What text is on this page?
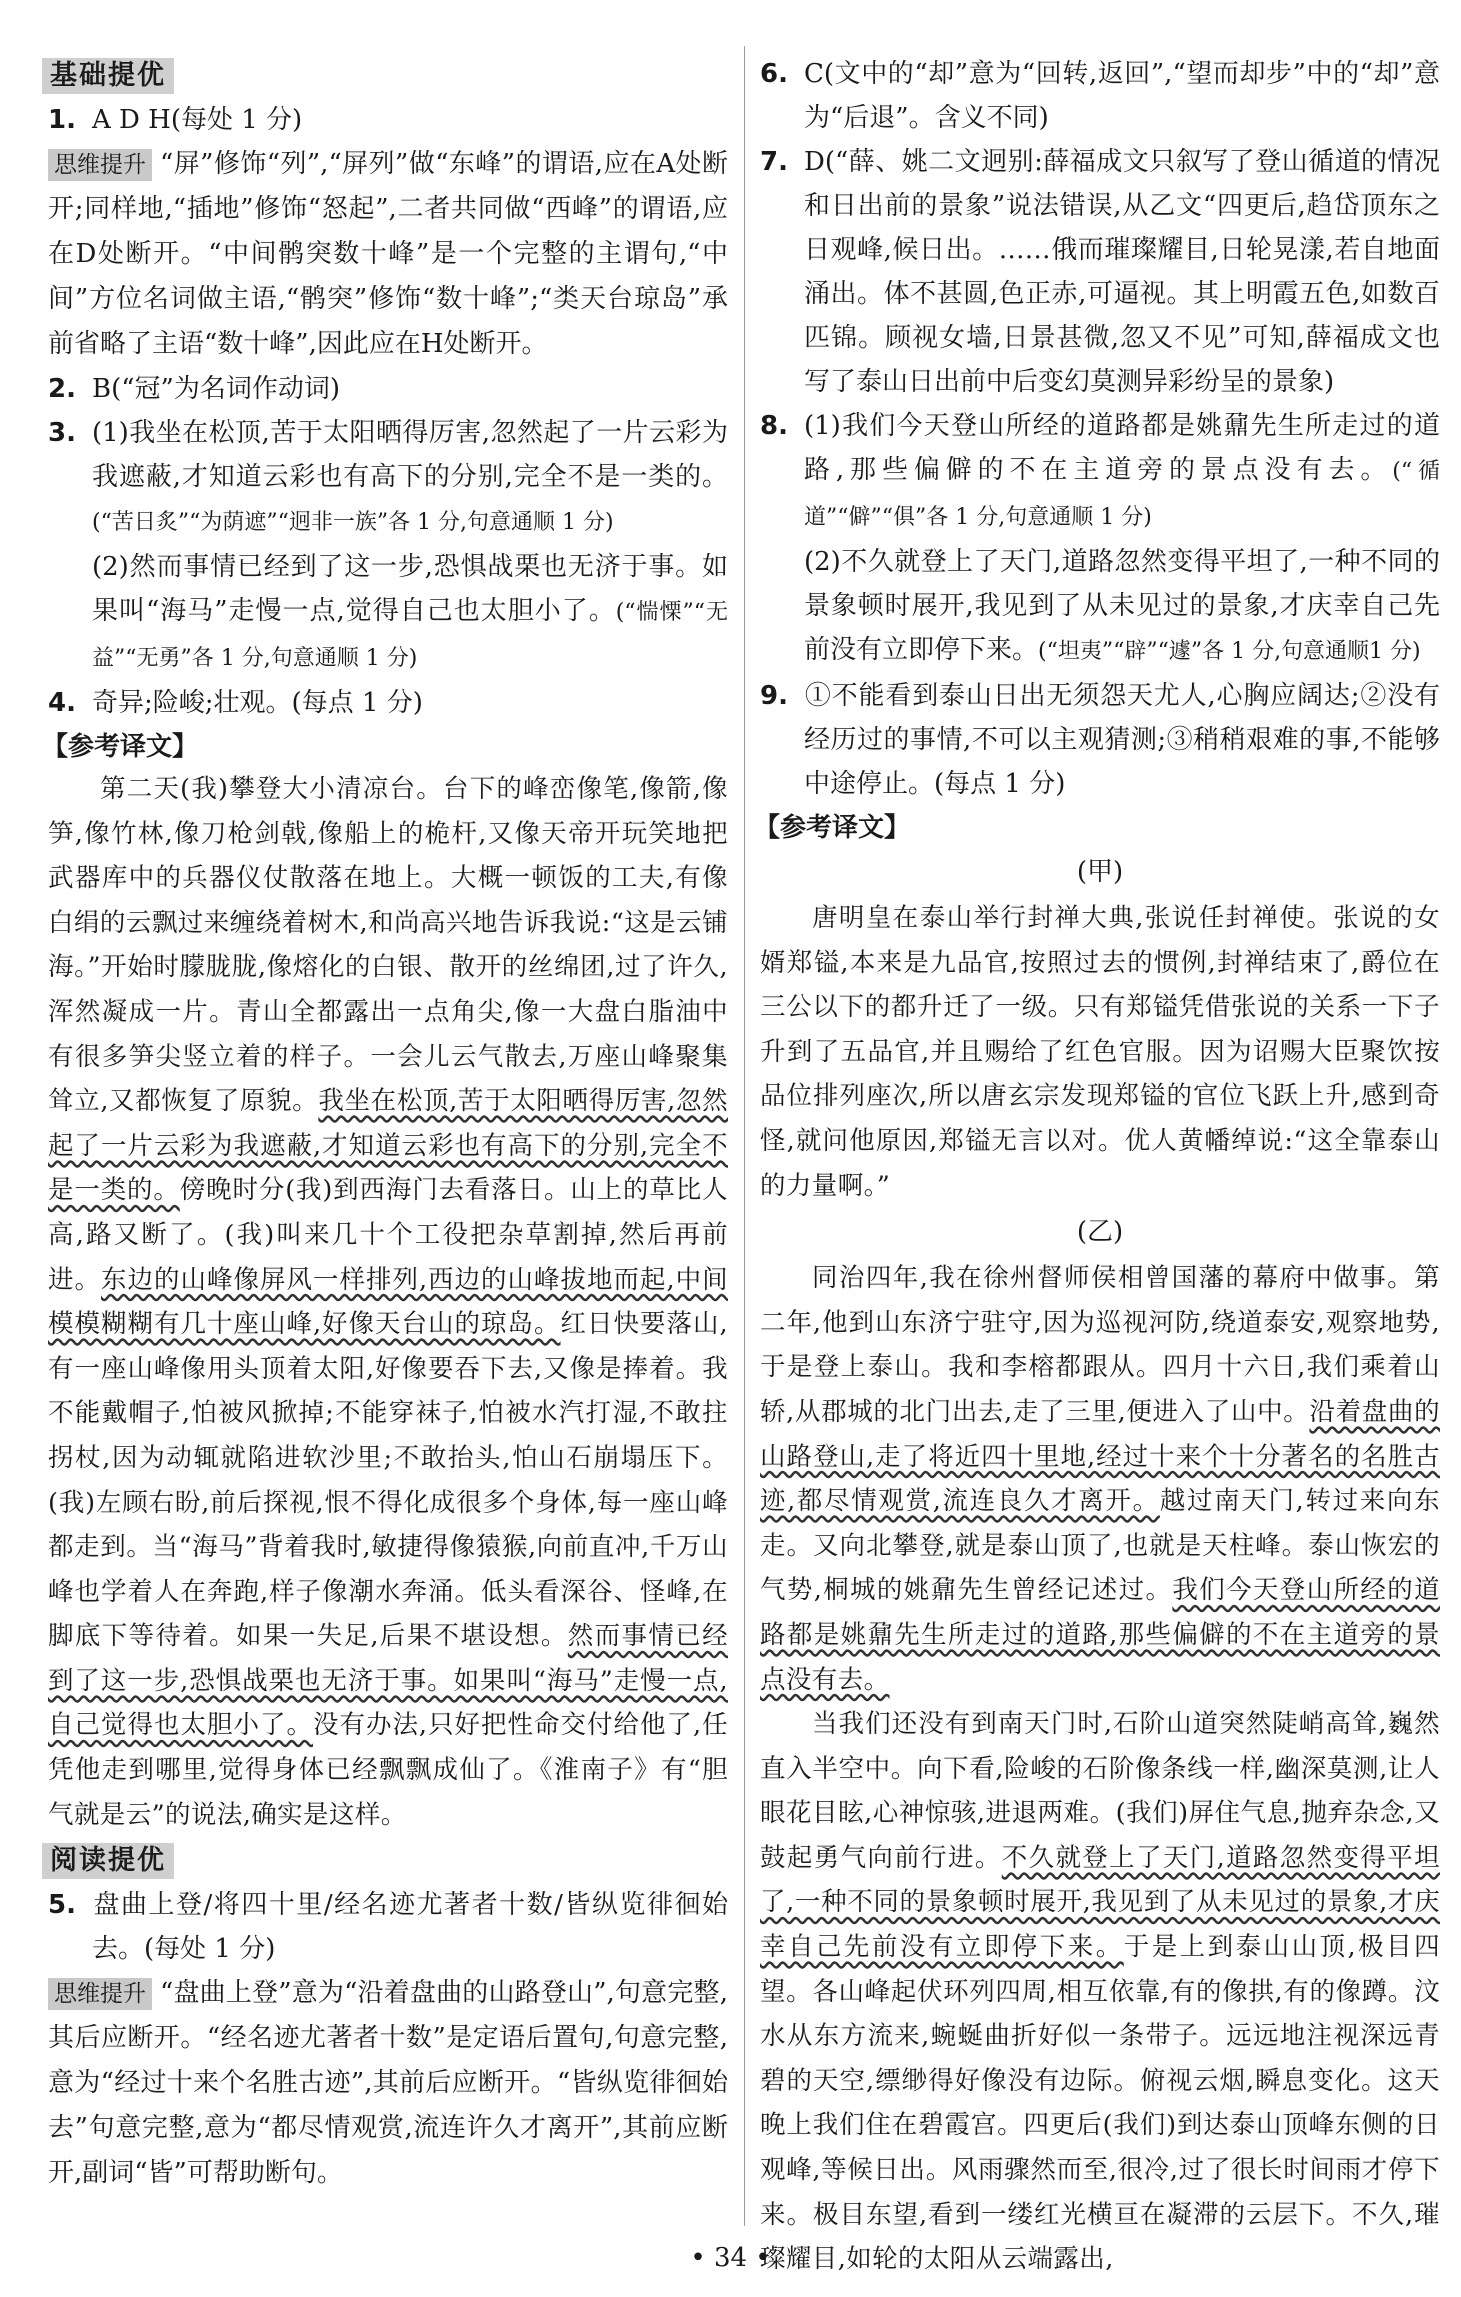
基础提优

1. A D H(每处 1 分)

思维提升 “屏”修饰“列”,“屏列”做“东峰”的谓语,应在A处断开;同样地,“插地”修饰“怒起”,二者共同做“西峰”的谓语,应在D处断开。“中间鹘突数十峰”是一个完整的主谓句,“中间”方位名词做主语,“鹘突”修饰“数十峰”;“类天台琼岛”承前省略了主语“数十峰”,因此应在H处断开。

2. B(“冠”为名词作动词)

3. (1)我坐在松顶,苦于太阳晒得厉害,忽然起了一片云彩为我遮蔽,才知道云彩也有高下的分别,完全不是一类的。(“苦日炙”“为荫遮”“迥非一族”各 1 分,句意通顺 1 分)

(2)然而事情已经到了这一步,恐惧战栗也无济于事。如果叫“海马”走慢一点,觉得自己也太胆小了。(“惴慄”“无益”“无勇”各 1 分,句意通顺 1 分)

4. 奇异;险峻;壮观。(每点 1 分)

【参考译文】

第二天(我)攀登大小清凉台。台下的峰峦像笔,像箭,像笋,像竹林,像刀枪剑戟,像船上的桅杆,又像天帝开玩笑地把武器库中的兵器仪仗散落在地上。大概一顿饭的工夫,有像白绢的云飘过来缠绕着树木,和尚高兴地告诉我说:“这是云铺海。”开始时朦胧胧,像熔化的白银、散开的丝绵团,过了许久,浑然凝成一片。青山全都露出一点角尖,像一大盘白脂油中有很多笋尖竖立着的样子。一会儿云气散去,万座山峰聚集耸立,又都恢复了原貌。我坐在松顶,苦于太阳晒得厉害,忽然起了一片云彩为我遮蔽,才知道云彩也有高下的分别,完全不是一类的。傍晚时分(我)到西海门去看落日。山上的草比人高,路又断了。(我)叫来几十个工役把杂草割掉,然后再前进。东边的山峰像屏风一样排列,西边的山峰拔地而起,中间模模糊糊有几十座山峰,好像天台山的琼岛。红日快要落山,有一座山峰像用头顶着太阳,好像要吞下去,又像是捧着。我不能戴帽子,怕被风掀掉;不能穿袜子,怕被水汽打湿,不敢拄拐杖,因为动辄就陷进软沙里;不敢抬头,怕山石崩塌压下。(我)左顾右盼,前后探视,恨不得化成很多个身体,每一座山峰都走到。当“海马”背着我时,敏捷得像猿猴,向前直冲,千万山峰也学着人在奔跑,样子像潮水奔涌。低头看深谷、怪峰,在脚底下等待着。如果一失足,后果不堪设想。然而事情已经到了这一步,恐惧战栗也无济于事。如果叫“海马”走慢一点,自己觉得也太胆小了。没有办法,只好把性命交付给他了,任凭他走到哪里,觉得身体已经飘飘成仙了。《淮南子》有“胆气就是云”的说法,确实是这样。

阅读提优

5. 盘曲上登/将四十里/经名迹尤著者十数/皆纵览徘徊始去。(每处 1 分)

思维提升 “盘曲上登”意为“沿着盘曲的山路登山”,句意完整,其后应断开。“经名迹尤著者十数”是定语后置句,句意完整,意为“经过十来个名胜古迹”,其前后应断开。“皆纵览徘徊始去”句意完整,意为“都尽情观赏,流连许久才离开”,其前应断开,副词“皆”可帮助断句。

6. C(文中的“却”意为“回转,返回”,“望而却步”中的“却”意为“后退”。含义不同)

7. D(“薛、姚二文迥别:薛福成文只叙写了登山循道的情况和日出前的景象”说法错误,从乙文“四更后,趋岱顶东之日观峰,候日出。……俄而璀璨耀目,日轮晃漾,若自地面涌出。体不甚圆,色正赤,可逼视。其上明霞五色,如数百匹锦。顾视女墙,日景甚微,忽又不见”可知,薛福成文也写了泰山日出前中后变幻莫测异彩纷呈的景象)

8. (1)我们今天登山所经的道路都是姚鼐先生所走过的道路,那些偏僻的不在主道旁的景点没有去。(“循道”“僻”“俱”各 1 分,句意通顺 1 分)

(2)不久就登上了天门,道路忽然变得平坦了,一种不同的景象顿时展开,我见到了从未见过的景象,才庆幸自己先前没有立即停下来。(“坦夷”“辟”“遽”各 1 分,句意通顺1 分)

9. ①不能看到泰山日出无须怨天尤人,心胸应阔达;②没有经历过的事情,不可以主观猜测;③稍稍艰难的事,不能够中途停止。(每点 1 分)

【参考译文】
(甲)

唐明皇在泰山举行封禅大典,张说任封禅使。张说的女婿郑镒,本来是九品官,按照过去的惯例,封禅结束了,爵位在三公以下的都升迁了一级。只有郑镒凭借张说的关系一下子升到了五品官,并且赐给了红色官服。因为诏赐大臣聚饮按品位排列座次,所以唐玄宗发现郑镒的官位飞跃上升,感到奇怪,就问他原因,郑镒无言以对。优人黄幡绰说:“这全靠泰山的力量啊。”

(乙)

同治四年,我在徐州督师侯相曾国藩的幕府中做事。第二年,他到山东济宁驻守,因为巡视河防,绕道泰安,观察地势,于是登上泰山。我和李榕都跟从。四月十六日,我们乘着山轿,从郡城的北门出去,走了三里,便进入了山中。沿着盘曲的山路登山,走了将近四十里地,经过十来个十分著名的名胜古迹,都尽情观赏,流连良久才离开。越过南天门,转过来向东走。又向北攀登,就是泰山顶了,也就是天柱峰。泰山恢宏的气势,桐城的姚鼐先生曾经记述过。我们今天登山所经的道路都是姚鼐先生所走过的道路,那些偏僻的不在主道旁的景点没有去。

当我们还没有到南天门时,石阶山道突然陡峭高耸,巍然直入半空中。向下看,险峻的石阶像条线一样,幽深莫测,让人眼花目眩,心神惊骇,进退两难。(我们)屏住气息,抛弃杂念,又鼓起勇气向前行进。不久就登上了天门,道路忽然变得平坦了,一种不同的景象顿时展开,我见到了从未见过的景象,才庆幸自己先前没有立即停下来。于是上到泰山山顶,极目四望。各山峰起伏环列四周,相互依靠,有的像拱,有的像蹲。汶水从东方流来,蜿蜒曲折好似一条带子。远远地注视深远青碧的天空,缥缈得好像没有边际。俯视云烟,瞬息变化。这天晚上我们住在碧霞宫。四更后(我们)到达泰山顶峰东侧的日观峰,等候日出。风雨骤然而至,很冷,过了很长时间雨才停下来。极目东望,看到一缕红光横亘在凝滞的云层下。不久,璀璨耀目,如轮的太阳从云端露出,

• 34 •
